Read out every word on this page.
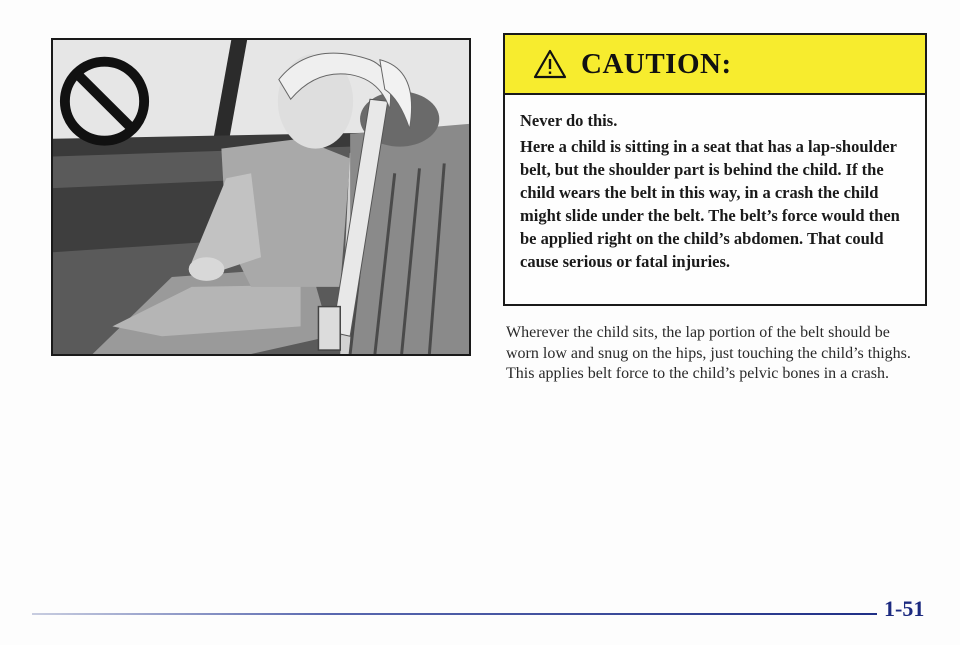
CAUTION:

Never do this.

Here a child is sitting in a seat that has a lap-shoulder belt, but the shoulder part is behind the child. If the child wears the belt in this way, in a crash the child might slide under the belt. The belt’s force would then be applied right on the child’s abdomen. That could cause serious or fatal injuries.

Wherever the child sits, the lap portion of the belt should be worn low and snug on the hips, just touching the child’s thighs. This applies belt force to the child’s pelvic bones in a crash.

1-51
